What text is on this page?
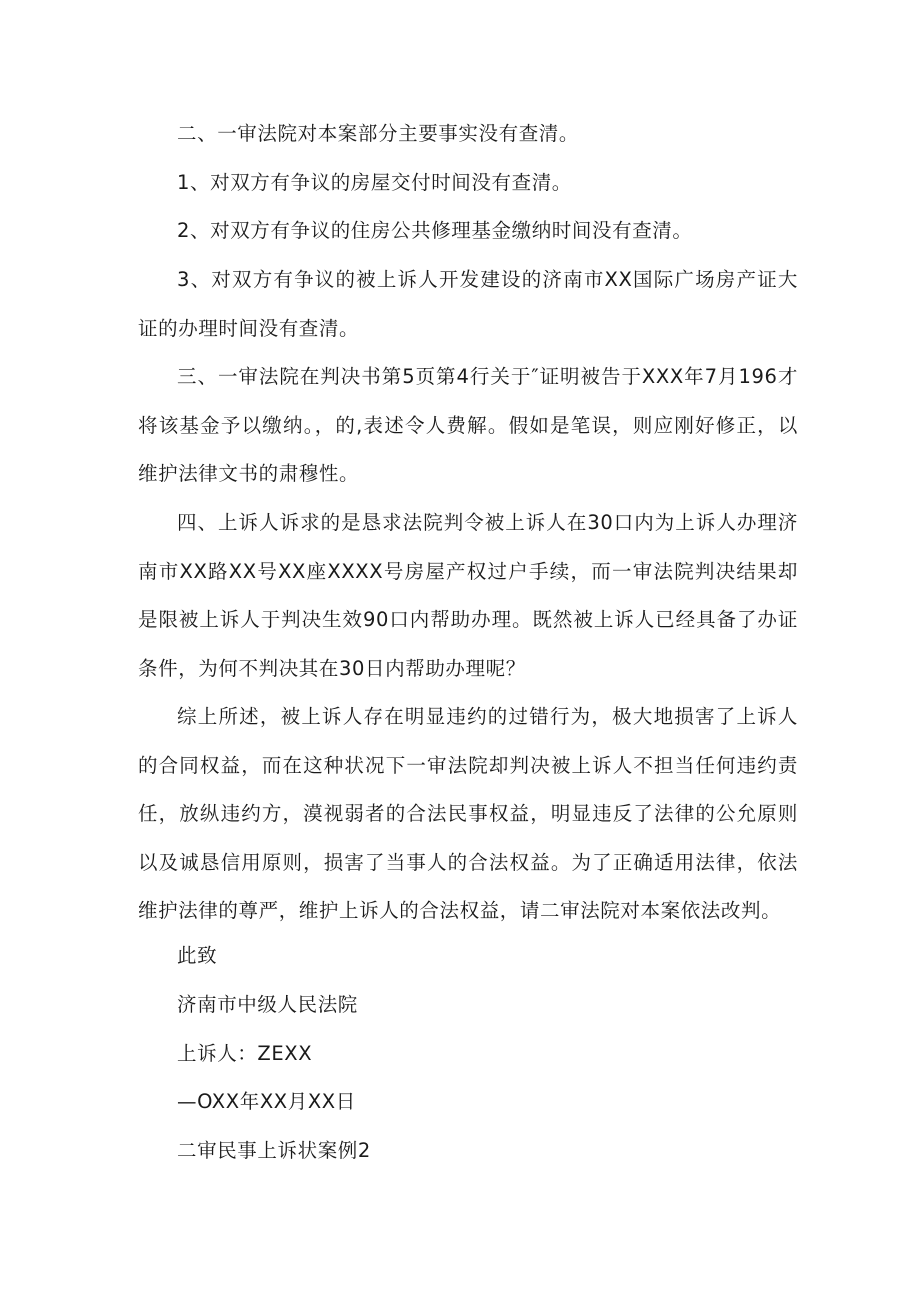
二、一审法院对本案部分主要事实没有查清。

1、对双方有争议的房屋交付时间没有查清。

2、对双方有争议的住房公共修理基金缴纳时间没有查清。

3、对双方有争议的被上诉人开发建设的济南市XX国际广场房产证大证的办理时间没有查清。

三、一审法院在判决书第5页第4行关于″证明被告于XXX年7月196才将该基金予以缴纳。，的,表述令人费解。假如是笔误，则应刚好修正，以维护法律文书的肃穆性。

四、上诉人诉求的是恳求法院判令被上诉人在30口内为上诉人办理济南市XX路XX号XX座XXXX号房屋产权过户手续，而一审法院判决结果却是限被上诉人于判决生效90口内帮助办理。既然被上诉人已经具备了办证条件，为何不判决其在30日内帮助办理呢？

综上所述，被上诉人存在明显违约的过错行为，极大地损害了上诉人的合同权益，而在这种状况下一审法院却判决被上诉人不担当任何违约责任，放纵违约方，漠视弱者的合法民事权益，明显违反了法律的公允原则以及诚恳信用原则，损害了当事人的合法权益。为了正确适用法律，依法维护法律的尊严，维护上诉人的合法权益，请二审法院对本案依法改判。

此致

济南市中级人民法院

上诉人：ZEXX

—OXX年XX月XX日

二审民事上诉状案例2
